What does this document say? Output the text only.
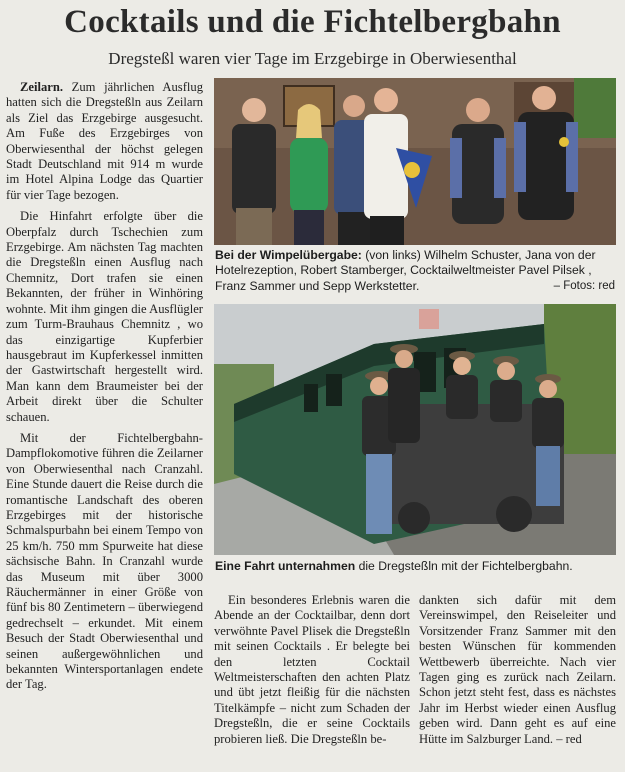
Cocktails und die Fichtelbergbahn
Dregsteßl waren vier Tage im Erzgebirge in Oberwiesenthal

Zeilarn. Zum jährlichen Ausflug hatten sich die Dregsteßln aus Zeilarn als Ziel das Erzgebirge ausgesucht. Am Fuße des Erzgebirges von Oberwiesenthal der höchst gelegen Stadt Deutschland mit 914 m wurde im Hotel Alpina Lodge das Quartier für vier Tage bezogen.

Die Hinfahrt erfolgte über die Oberpfalz durch Tschechien zum Erzgebirge. Am nächsten Tag machten die Dregsteßln einen Ausflug nach Chemnitz, Dort trafen sie einen Bekannten, der früher in Winhöring wohnte. Mit ihm gingen die Ausflügler zum Turm-Brauhaus Chemnitz , wo das einzigartige Kupferbier hausgebraut im Kupferkessel inmitten der Gastwirtschaft hergestellt wird. Man kann dem Braumeister bei der Arbeit direkt über die Schulter schauen.

Mit der Fichtelbergbahn-Dampflokomotive führen die Zeilarner von Oberwiesenthal nach Cranzahl. Eine Stunde dauert die Reise durch die romantische Landschaft des oberen Erzgebirges mit der historische Schmalspurbahn bei einem Tempo von 25 km/h. 750 mm Spurweite hat diese sächsische Bahn. In Cranzahl wurde das Museum mit über 3000 Räuchermänner in einer Größe von fünf bis 80 Zentimetern – überwiegend gedrechselt – erkundet. Mit einem Besuch der Stadt Oberwiesenthal und seinen außergewöhnlichen und bekannten Wintersportanlagen endete der Tag.

Bei der Wimpelübergabe: (von links) Wilhelm Schuster, Jana von der Hotelrezeption, Robert Stamberger, Cocktailweltmeister Pavel Pilsek , Franz Sammer und Sepp Werkstetter.	– Fotos: red
Eine Fahrt unternahmen die Dregsteßln mit der Fichtelbergbahn.

Ein besonderes Erlebnis waren die Abende an der Cocktailbar, denn dort verwöhnte Pavel Plisek die Dregsteßln mit seinen Cocktails . Er belegte bei den letzten Cocktail Weltmeisterschaften den achten Platz und übt jetzt fleißig für die nächsten Titelkämpfe – nicht zum Schaden der Dregsteßln, die er seine Cocktails probieren ließ. Die Dregsteßln be-

dankten sich dafür mit dem Vereinswimpel, den Reiseleiter und Vorsitzender Franz Sammer mit den besten Wünschen für kommenden Wettbewerb überreichte. Nach vier Tagen ging es zurück nach Zeilarn. Schon jetzt steht fest, dass es nächstes Jahr im Herbst wieder einen Ausflug geben wird. Dann geht es auf eine Hütte im Salzburger Land. – red
